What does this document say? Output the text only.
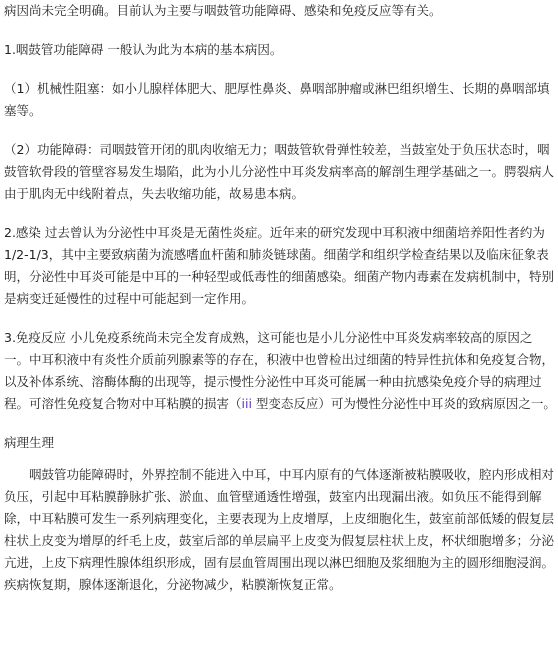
病因尚未完全明确。目前认为主要与咽鼓管功能障碍、感染和免疫反应等有关。

1.咽鼓管功能障碍 一般认为此为本病的基本病因。

（1）机械性阻塞：如小儿腺样体肥大、肥厚性鼻炎、鼻咽部肿瘤或淋巴组织增生、长期的鼻咽部填塞等。

（2）功能障碍：司咽鼓管开闭的肌肉收缩无力；咽鼓管软骨弹性较差，当鼓室处于负压状态时，咽鼓管软骨段的管壁容易发生塌陷，此为小儿分泌性中耳炎发病率高的解剖生理学基础之一。腭裂病人由于肌肉无中线附着点，失去收缩功能，故易患本病。

2.感染 过去曾认为分泌性中耳炎是无菌性炎症。近年来的研究发现中耳积液中细菌培养阳性者约为 1/2-1/3，其中主要致病菌为流感嗜血杆菌和肺炎链球菌。细菌学和组织学检查结果以及临床征象表明，分泌性中耳炎可能是中耳的一种轻型或低毒性的细菌感染。细菌产物内毒素在发病机制中，特别是病变迁延慢性的过程中可能起到一定作用。

3.免疫反应 小儿免疫系统尚未完全发育成熟，这可能也是小儿分泌性中耳炎发病率较高的原因之一。中耳积液中有炎性介质前列腺素等的存在，积液中也曾检出过细菌的特异性抗体和免疫复合物，以及补体系统、溶酶体酶的出现等，提示慢性分泌性中耳炎可能属一种由抗感染免疫介导的病理过程。可溶性免疫复合物对中耳粘膜的损害（iii 型变态反应）可为慢性分泌性中耳炎的致病原因之一。

病理生理

咽鼓管功能障碍时，外界控制不能进入中耳，中耳内原有的气体逐渐被粘膜吸收，腔内形成相对负压，引起中耳粘膜静脉扩张、淤血、血管壁通透性增强，鼓室内出现漏出液。如负压不能得到解除，中耳粘膜可发生一系列病理变化，主要表现为上皮增厚，上皮细胞化生，鼓室前部低矮的假复层柱状上皮变为增厚的纤毛上皮，鼓室后部的单层扁平上皮变为假复层柱状上皮，杯状细胞增多；分泌亢进，上皮下病理性腺体组织形成，固有层血管周围出现以淋巴细胞及浆细胞为主的圆形细胞浸润。疾病恢复期，腺体逐渐退化，分泌物减少，粘膜渐恢复正常。
